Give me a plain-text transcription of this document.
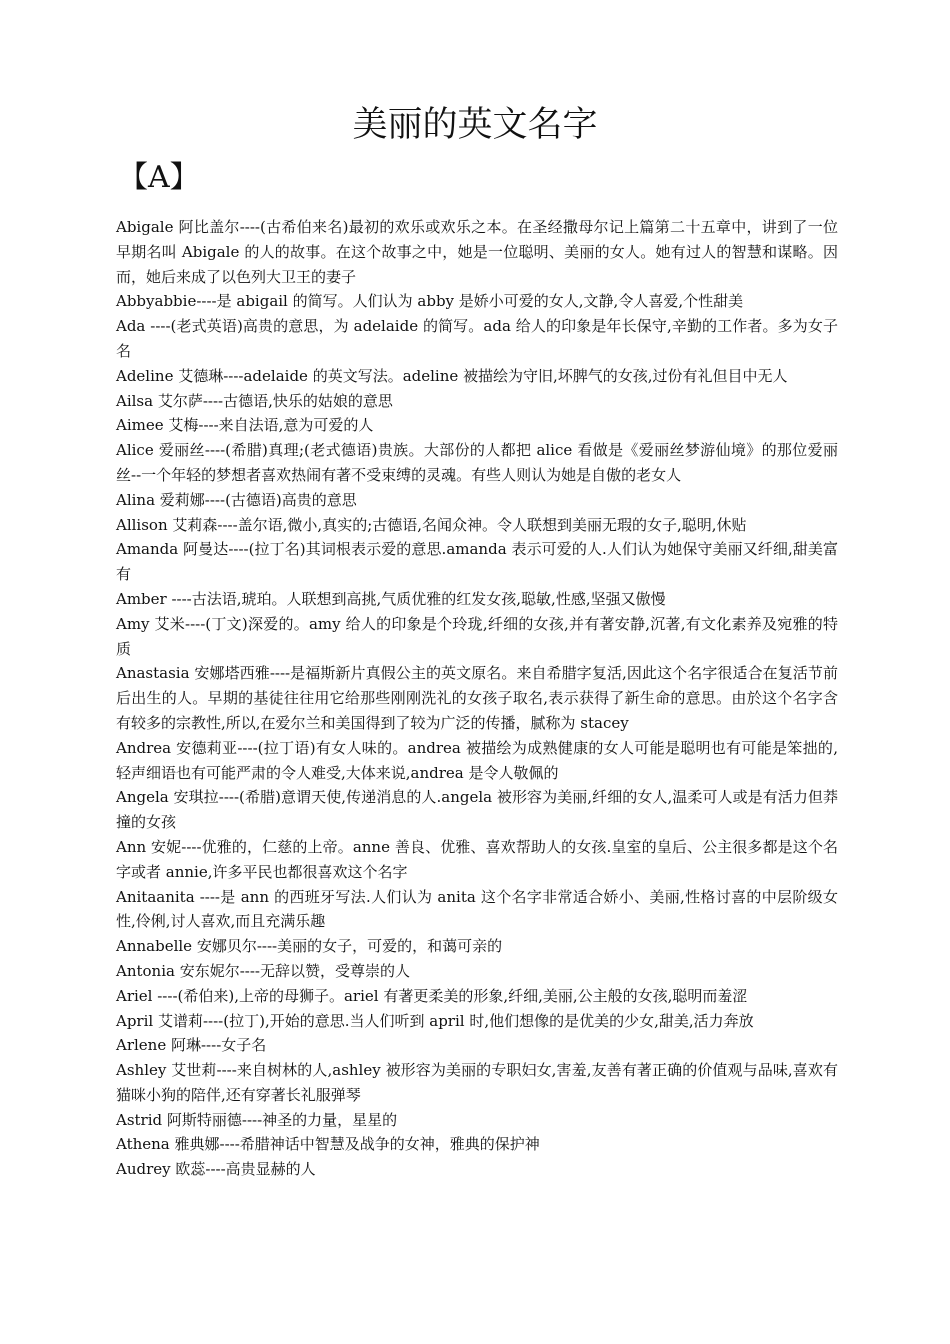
美丽的英文名字
【A】

Abigale 阿比盖尔----(古希伯来名)最初的欢乐或欢乐之本。在圣经撒母尔记上篇第二十五章中，讲到了一位早期名叫 Abigale 的人的故事。在这个故事之中，她是一位聪明、美丽的女人。她有过人的智慧和谋略。因而，她后来成了以色列大卫王的妻子

Abbyabbie----是 abigail 的简写。人们认为 abby 是娇小可爱的女人,文静,令人喜爱,个性甜美

Ada ----(老式英语)高贵的意思，为 adelaide 的简写。ada 给人的印象是年长保守,辛勤的工作者。多为女子名

Adeline 艾德琳----adelaide 的英文写法。adeline 被描绘为守旧,坏脾气的女孩,过份有礼但目中无人

Ailsa 艾尔萨----古德语,快乐的姑娘的意思

Aimee 艾梅----来自法语,意为可爱的人

Alice 爱丽丝----(希腊)真理;(老式德语)贵族。大部份的人都把 alice 看做是《爱丽丝梦游仙境》的那位爱丽丝--一个年轻的梦想者喜欢热闹有著不受束缚的灵魂。有些人则认为她是自傲的老女人

Alina 爱莉娜----(古德语)高贵的意思

Allison 艾莉森----盖尔语,微小,真实的;古德语,名闻众神。令人联想到美丽无瑕的女子,聪明,休贴

Amanda 阿曼达----(拉丁名)其词根表示爱的意思.amanda 表示可爱的人.人们认为她保守美丽又纤细,甜美富有

Amber ----古法语,琥珀。人联想到高挑,气质优雅的红发女孩,聪敏,性感,坚强又傲慢

Amy 艾米----(丁文)深爱的。amy 给人的印象是个玲珑,纤细的女孩,并有著安静,沉著,有文化素养及宛雅的特质

Anastasia 安娜塔西雅----是福斯新片真假公主的英文原名。来自希腊字复活,因此这个名字很适合在复活节前后出生的人。早期的基徒往往用它给那些刚刚洗礼的女孩子取名,表示获得了新生命的意思。由於这个名字含有较多的宗教性,所以,在爱尔兰和美国得到了较为广泛的传播，腻称为 stacey

Andrea 安德莉亚----(拉丁语)有女人味的。andrea 被描绘为成熟健康的女人可能是聪明也有可能是笨拙的,轻声细语也有可能严肃的令人难受,大体来说,andrea 是令人敬佩的

Angela 安琪拉----(希腊)意谓天使,传递消息的人.angela 被形容为美丽,纤细的女人,温柔可人或是有活力但莽撞的女孩

Ann 安妮----优雅的，仁慈的上帝。anne 善良、优雅、喜欢帮助人的女孩.皇室的皇后、公主很多都是这个名字或者 annie,许多平民也都很喜欢这个名字

Anitaanita ----是 ann 的西班牙写法.人们认为 anita 这个名字非常适合娇小、美丽,性格讨喜的中层阶级女性,伶俐,讨人喜欢,而且充满乐趣

Annabelle 安娜贝尔----美丽的女子，可爱的，和蔼可亲的

Antonia 安东妮尔----无辞以赞，受尊崇的人

Ariel ----(希伯来),上帝的母狮子。ariel 有著更柔美的形象,纤细,美丽,公主般的女孩,聪明而羞涩

April 艾谱莉----(拉丁),开始的意思.当人们听到 april 时,他们想像的是优美的少女,甜美,活力奔放

Arlene 阿琳----女子名

Ashley 艾世莉----来自树林的人,ashley 被形容为美丽的专职妇女,害羞,友善有著正确的价值观与品味,喜欢有猫咪小狗的陪伴,还有穿著长礼服弹琴

Astrid 阿斯特丽德----神圣的力量，星星的

Athena 雅典娜----希腊神话中智慧及战争的女神，雅典的保护神

Audrey 欧蕊----高贵显赫的人
